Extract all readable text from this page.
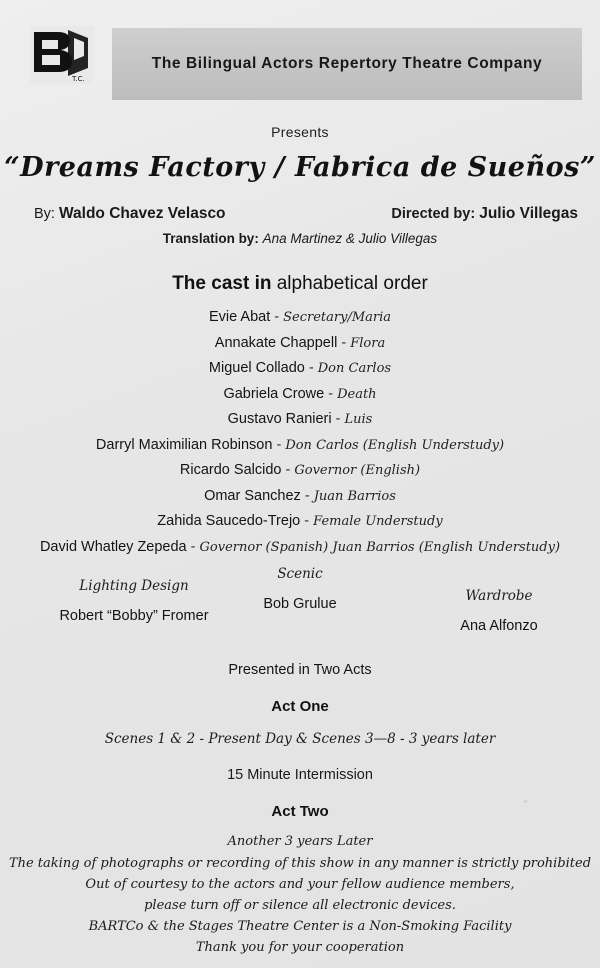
T.C.
The Bilingual Actors Repertory Theatre Company
Presents
“Dreams Factory / Fabrica de Sueños”
By: Waldo Chavez Velasco	Directed by: Julio Villegas
Translation by: Ana Martinez & Julio Villegas
The cast in alphabetical order
Evie Abat - Secretary/Maria
Annakate Chappell - Flora
Miguel Collado - Don Carlos
Gabriela Crowe - Death
Gustavo Ranieri - Luis
Darryl Maximilian Robinson - Don Carlos (English Understudy)
Ricardo Salcido - Governor (English)
Omar Sanchez - Juan Barrios
Zahida Saucedo-Trejo - Female Understudy
David Whatley Zepeda - Governor (Spanish) Juan Barrios (English Understudy)
Lighting Design
Robert “Bobby” Fromer
Scenic
Bob Grulue	Wardrobe
Ana Alfonzo
Presented in Two Acts
Act One
Scenes 1 & 2 - Present Day & Scenes 3—8 - 3 years later
15 Minute Intermission
Act Two
Another 3 years Later
The taking of photographs or recording of this show in any manner is strictly prohibited
Out of courtesy to the actors and your fellow audience members,
please turn off or silence all electronic devices.
BARTCo & the Stages Theatre Center is a Non-Smoking Facility
Thank you for your cooperation
